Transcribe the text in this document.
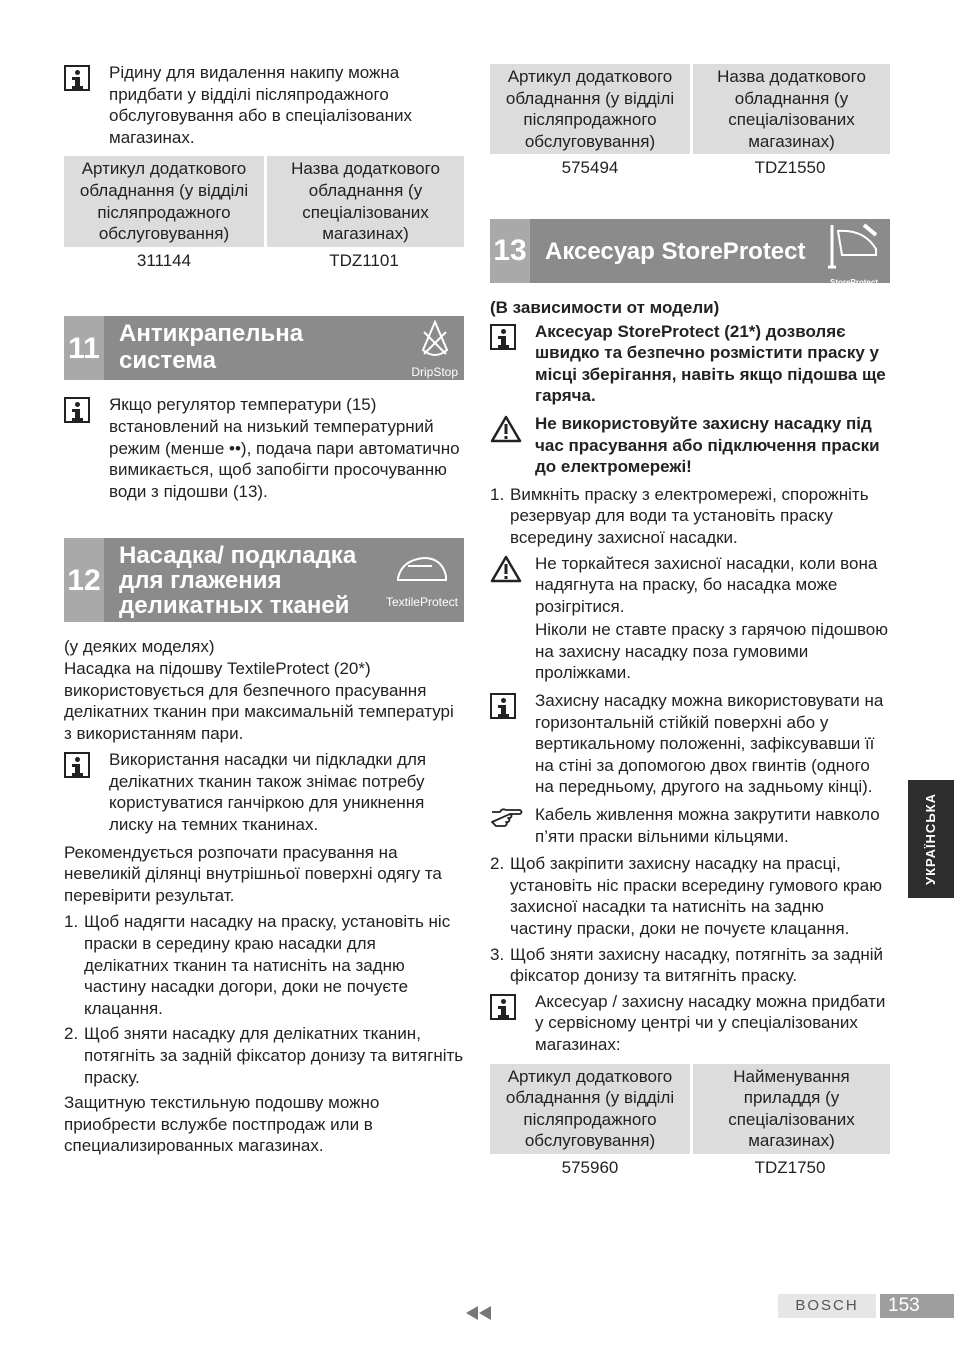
Рідину для видалення накипу можна придбати у відділі післяпродажного обслуговування або в спеціалізованих магазинах.
Артикул додаткового обладнання (у відділі післяпродажного обслуговування)	Назва додаткового обладнання (у спеціалізованих магазинах)
311144	TDZ1101
11 Антикрапельна
система	DripStop
Якщо регулятор температури (15) встановлений на низький температурний режим (менше ••), подача пари автоматично вимикається, щоб запобігти просочуванню води з підошви (13).
12
Насадка/ подкладка
для глажения
деликатных тканей	TextileProtect

(у деяких моделях)

Насадка на підошву TextileProtect (20*) використовується для безпечного прасування делікатних тканин при максимальній температурі з використанням пари.

Використання насадки чи підкладки для делікатних тканин також знімає потребу користуватися ганчіркою для уникнення лиску на темних тканинах.

Рекомендується розпочати прасування на невеликій ділянці внутрішньої поверхні одягу та перевірити результат.

1. Щоб надягти насадку на праску, установіть ніс праски в середину краю насадки для делікатних тканин та натисніть на задню частину насадки догори, доки не почуєте клацання.
2. Щоб зняти насадку для делікатних тканин, потягніть за задній фіксатор донизу та витягніть праску.

Защитную текстильную подошву можно приобрести вслужбе постпродаж или в специализированных магазинах.

Артикул додаткового обладнання (у відділі післяпродажного обслуговування)	Назва додаткового обладнання (у спеціалізованих магазинах)
575494	TDZ1550
13 Аксесуар StoreProtect
StoreProtect

(В зависимости от модели)

Аксесуар StoreProtect (21*) дозволяє швидко та безпечно розмістити праску у місці зберігання, навіть якщо підошва ще гаряча.
Не використовуйте захисну насадку під час прасування або підключення праски до електромережі!
1. Вимкніть праску з електромережі, спорожніть резервуар для води та установіть праску всередину захисної насадки.
Не торкайтеся захисної насадки, коли вона надягнута на праску, бо насадка може розігрітися.
Ніколи не ставте праску з гарячою підошвою на захисну насадку поза гумовими проліжками.
Захисну насадку можна використовувати на горизонтальній стійкій поверхні або у вертикальному положенні, зафіксувавши її на стіні за допомогою двох гвинтів (одного на передньому, другого на задньому кінці).
Кабель живлення можна закрутити навколо п’яти праски вільними кільцями.
2. Щоб закріпити захисну насадку на прасці, установіть ніс праски всередину гумового краю захисної насадки та натисніть на задню частину праски, доки не почуєте клацання.
3. Щоб зняти захисну насадку, потягніть за задній фіксатор донизу та витягніть праску.
Аксесуар / захисну насадку можна придбати у сервісному центрі чи у спеціалізованих магазинах:
Артикул додаткового обладнання (у відділі післяпродажного обслуговування)	Найменування приладдя (у спеціалізованих магазинах)
575960	TDZ1750
УКРАЇНСЬКА
BOSCH	153
